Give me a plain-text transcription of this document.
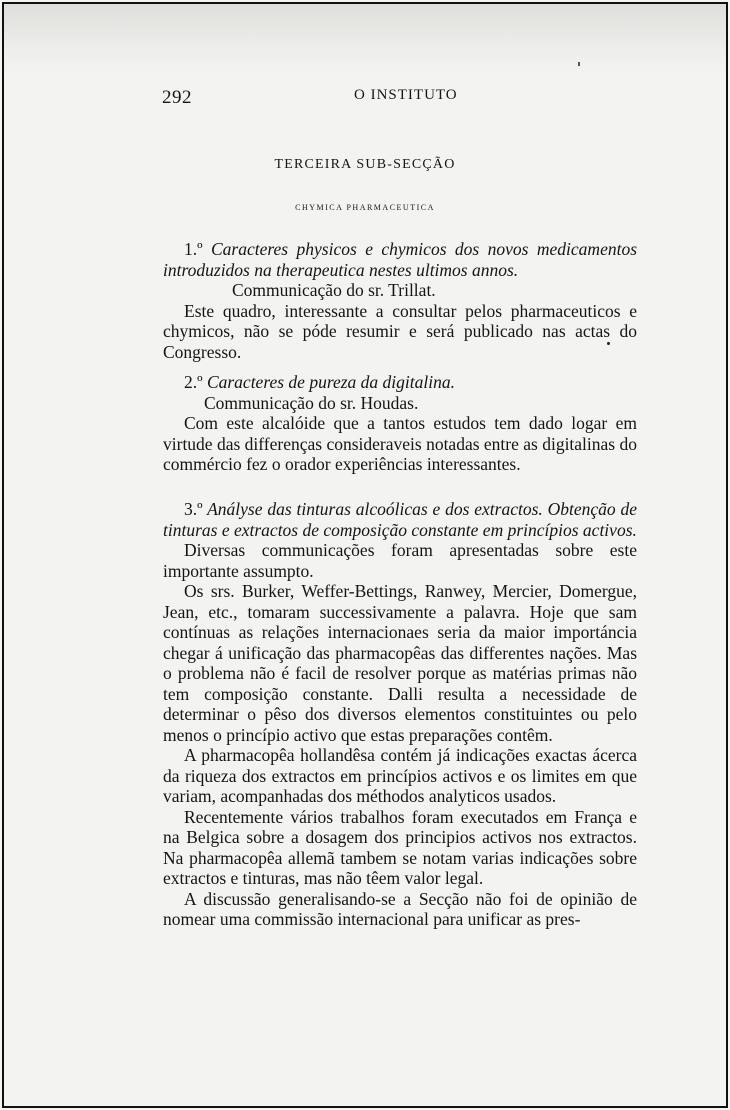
292	O INSTITUTO
TERCEIRA SUB-SECÇÃO
CHYMICA PHARMACEUTICA

1.º Caracteres physicos e chymicos dos novos medicamentos introduzidos na therapeutica nestes ultimos annos.

Communicação do sr. Trillat.

Este quadro, interessante a consultar pelos pharmaceuticos e chymicos, não se póde resumir e será publicado nas actas do Congresso.

2.º Caracteres de pureza da digitalina.

Communicação do sr. Houdas.

Com este alcalóide que a tantos estudos tem dado logar em virtude das differenças consideraveis notadas entre as digitalinas do commércio fez o orador experiências interessantes.

3.º Anályse das tinturas alcoólicas e dos extractos. Obtenção de tinturas e extractos de composição constante em princípios activos.

Diversas communicações foram apresentadas sobre este importante assumpto.

Os srs. Burker, Weffer-Bettings, Ranwey, Mercier, Domergue, Jean, etc., tomaram successivamente a palavra. Hoje que sam contínuas as relações internacionaes seria da maior importáncia chegar á unificação das pharmacopêas das differentes nações. Mas o problema não é facil de resolver porque as matérias primas não tem composição constante. Dalli resulta a necessidade de determinar o pêso dos diversos elementos constituintes ou pelo menos o princípio activo que estas preparações contêm.

A pharmacopêa hollandêsa contém já indicações exactas ácerca da riqueza dos extractos em princípios activos e os limites em que variam, acompanhadas dos méthodos analyticos usados.

Recentemente vários trabalhos foram executados em França e na Belgica sobre a dosagem dos principios activos nos extractos. Na pharmacopêa allemã tambem se notam varias indicações sobre extractos e tinturas, mas não têem valor legal.

A discussão generalisando-se a Secção não foi de opinião de nomear uma commissão internacional para unificar as pres-
